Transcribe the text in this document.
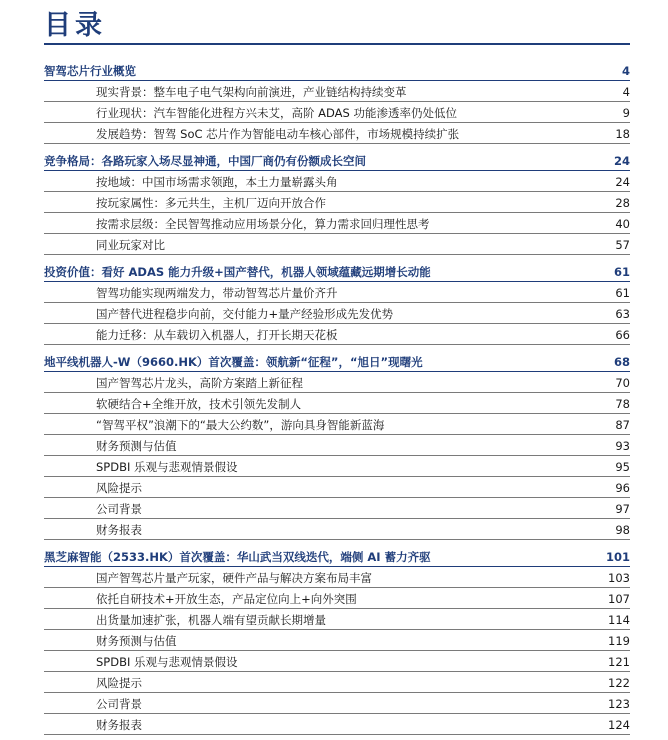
目录
智驾芯片行业概览	4
现实背景：整车电子电气架构向前演进，产业链结构持续变革	4
行业现状：汽车智能化进程方兴未艾，高阶 ADAS 功能渗透率仍处低位	9
发展趋势：智驾 SoC 芯片作为智能电动车核心部件，市场规模持续扩张	18
竞争格局：各路玩家入场尽显神通，中国厂商仍有份额成长空间	24
按地域：中国市场需求领跑，本土力量崭露头角	24
按玩家属性：多元共生，主机厂迈向开放合作	28
按需求层级：全民智驾推动应用场景分化，算力需求回归理性思考	40
同业玩家对比	57
投资价值：看好 ADAS 能力升级+国产替代，机器人领域蕴藏远期增长动能	61
智驾功能实现两端发力，带动智驾芯片量价齐升	61
国产替代进程稳步向前，交付能力+量产经验形成先发优势	63
能力迁移：从车载切入机器人，打开长期天花板	66
地平线机器人-W（9660.HK）首次覆盖：领航新“征程”，“旭日”现曙光	68
国产智驾芯片龙头，高阶方案踏上新征程	70
软硬结合+全维开放，技术引领先发制人	78
“智驾平权”浪潮下的“最大公约数”，游向具身智能新蓝海	87
财务预测与估值	93
SPDBI 乐观与悲观情景假设	95
风险提示	96
公司背景	97
财务报表	98
黑芝麻智能（2533.HK）首次覆盖：华山武当双线迭代，端侧 AI 蓄力齐驱	101
国产智驾芯片量产玩家，硬件产品与解决方案布局丰富	103
依托自研技术+开放生态，产品定位向上+向外突围	107
出货量加速扩张，机器人端有望贡献长期增量	114
财务预测与估值	119
SPDBI 乐观与悲观情景假设	121
风险提示	122
公司背景	123
财务报表	124
